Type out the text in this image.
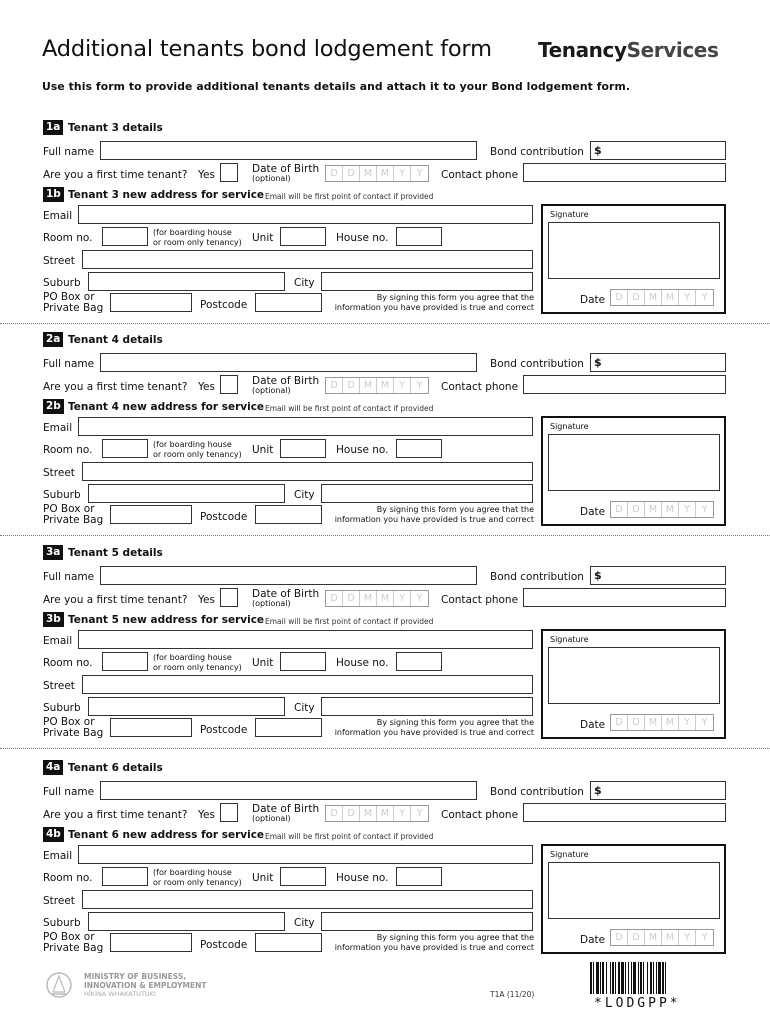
Additional tenants bond lodgement form TenancyServices
Use this form to provide additional tenants details and attach it to your Bond lodgement form.
1a Tenant 3 details
Full name	Bond contribution $
Are you a first time tenant? Yes	Date of Birth
(optional)	D	D M M	Y	Y	Contact phone
1b Tenant 3 new address for service Email will be first point of contact if provided
Email
Room no.	(for boarding house
or room only tenancy) Unit	House no.
Street
Suburb	City
PO Box or
Private Bag	Postcode
By signing this form you agree that the
information you have provided is true and correct
Signature
Date	D	D M M	Y	Y
2a Tenant 4 details
Full name	Bond contribution $
Are you a first time tenant? Yes	Date of Birth
(optional)	D	D M M	Y	Y	Contact phone
2b Tenant 4 new address for service Email will be first point of contact if provided
Email
Room no.	(for boarding house
or room only tenancy) Unit	House no.
Street
Suburb	City
PO Box or
Private Bag	Postcode
By signing this form you agree that the
information you have provided is true and correct
Signature
Date	D	D M M	Y	Y
3a Tenant 5 details
Full name	Bond contribution $
Are you a first time tenant? Yes	Date of Birth
(optional)	D	D M M	Y	Y	Contact phone
3b Tenant 5 new address for service Email will be first point of contact if provided
Email
Room no.	(for boarding house
or room only tenancy) Unit	House no.
Street
Suburb	City
PO Box or
Private Bag	Postcode
By signing this form you agree that the
information you have provided is true and correct
Signature
Date	D	D M M	Y	Y
4a Tenant 6 details
Full name	Bond contribution $
Are you a first time tenant? Yes	Date of Birth
(optional)	D	D M M	Y	Y	Contact phone
4b Tenant 6 new address for service Email will be first point of contact if provided
Email
Room no.	(for boarding house
or room only tenancy) Unit	House no.
Street
Suburb	City
PO Box or
Private Bag	Postcode
By signing this form you agree that the
information you have provided is true and correct
Signature
Date	D	D M M	Y	Y
MINISTRY OF BUSINESS,
INNOVATION & EMPLOYMENT
HĪKINA WHAKATUTUKI	T1A (11/20)
*LODGPP*
